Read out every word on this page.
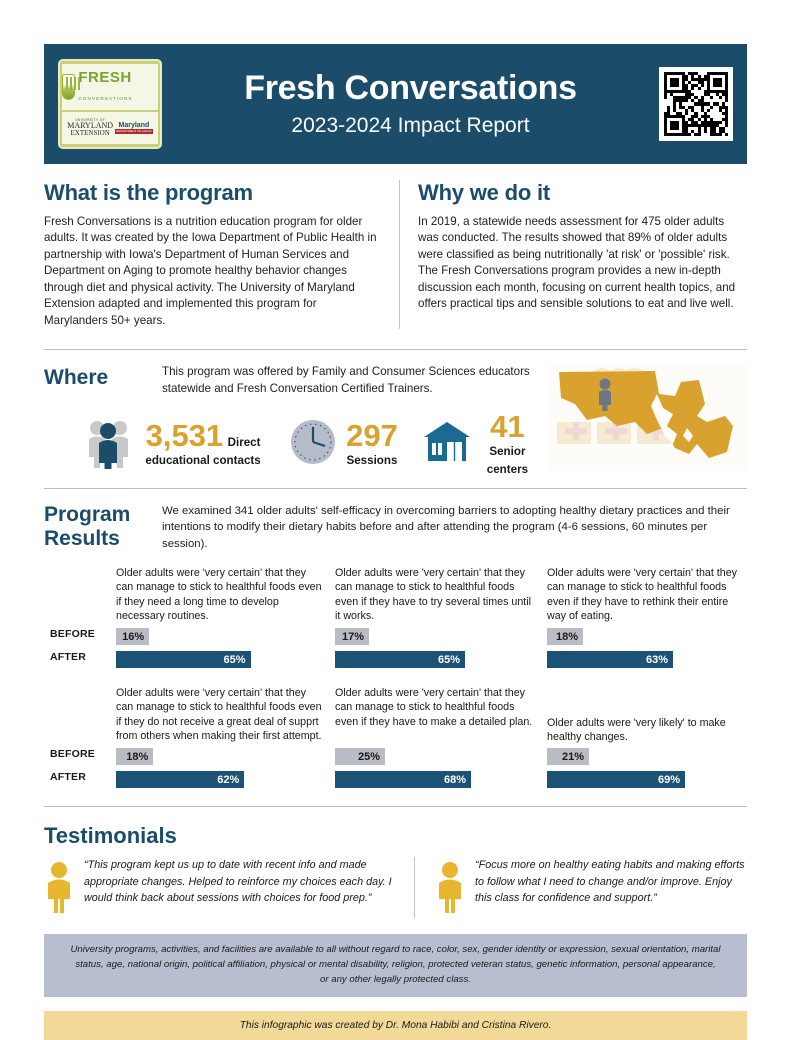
FRESH CONVERSATIONS
UNIVERSITY OF
MARYLAND
EXTENSION
Maryland
DEPARTMENT OF AGING
Fresh Conversations
2023-2024 Impact Report
What is the program
Fresh Conversations is a nutrition education program for older adults. It was created by the Iowa Department of Public Health in partnership with Iowa's Department of Human Services and Department on Aging to promote healthy behavior changes through diet and physical activity. The University of Maryland Extension adapted and implemented this program for Marylanders 50+ years.
Why we do it
In 2019, a statewide needs assessment for 475 older adults was conducted. The results showed that 89% of older adults were classified as being nutritionally 'at risk' or 'possible' risk. The Fresh Conversations program provides a new in-depth discussion each month, focusing on current health topics, and offers practical tips and sensible solutions to eat and live well.
Where	This program was offered by Family and Consumer Sciences educators statewide and Fresh Conversation Certified Trainers.
3,531 Direct educational contacts
297 Sessions
41 Senior centers
Program
Results
We examined 341 older adults' self-efficacy in overcoming barriers to adopting healthy dietary practices and their intentions to modify their dietary habits before and after attending the program (4-6 sessions, 60 minutes per session).
BEFORE
AFTER
Older adults were 'very certain' that they can manage to stick to healthful foods even if they need a long time to develop necessary routines.
16%
65%
Older adults were 'very certain' that they can manage to stick to healthful foods even if they have to try several times until it works.
17%
65%
Older adults were 'very certain' that they can manage to stick to healthful foods even if they have to rethink their entire way of eating.
18%
63%
BEFORE
AFTER
Older adults were 'very certain' that they can manage to stick to healthful foods even if they do not receive a great deal of supprt from others when making their first attempt.
18%
62%
Older adults were 'very certain' that they can manage to stick to healthful foods even if they have to make a detailed plan.
25%
68%
Older adults were 'very likely' to make healthy changes.
21%
69%
Testimonials
“This program kept us up to date with recent info and made appropriate changes. Helped to reinforce my choices each day. I would think back about sessions with choices for food prep.”
“Focus more on healthy eating habits and making efforts to follow what I need to change and/or improve. Enjoy this class for confidence and support.”
University programs, activities, and facilities are available to all without regard to race, color, sex, gender identity or expression, sexual orientation, marital status, age, national origin, political affiliation, physical or mental disability, religion, protected veteran status, genetic information, personal appearance, or any other legally protected class.
This infographic was created by Dr. Mona Habibi and Cristina Rivero.
